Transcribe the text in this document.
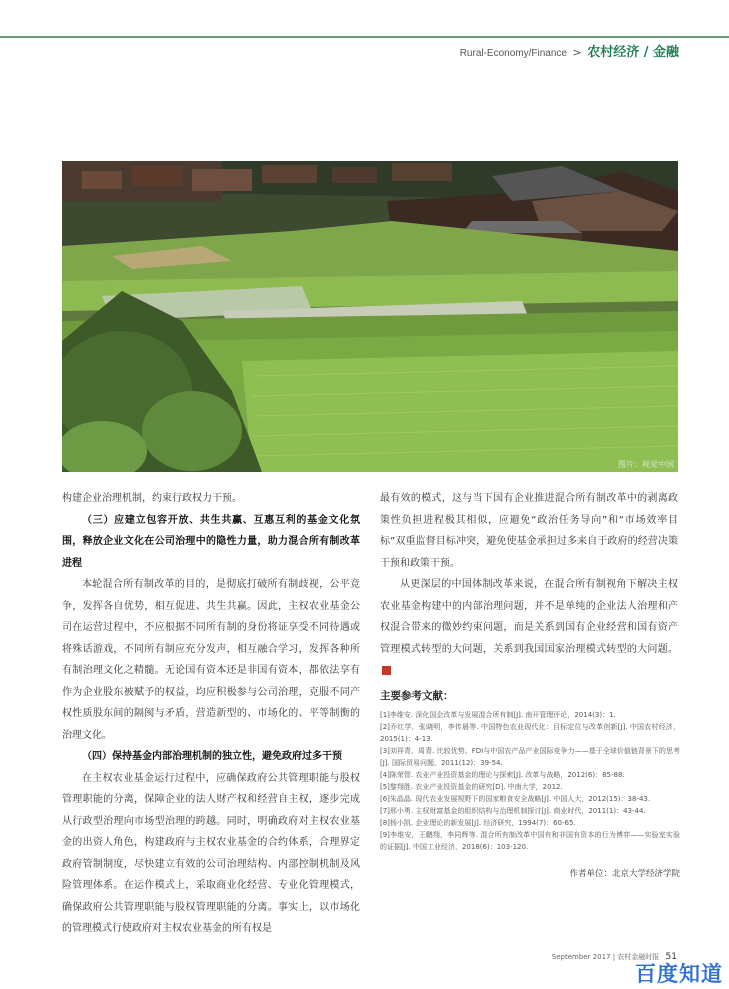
Rural-Economy/Finance > 农村经济 / 金融
图片：视觉中国

构建企业治理机制，约束行政权力干预。

（三）应建立包容开放、共生共赢、互惠互利的基金文化氛围，释放企业文化在公司治理中的隐性力量，助力混合所有制改革进程

本轮混合所有制改革的目的，是彻底打破所有制歧视，公平竞争，发挥各自优势，相互促进、共生共赢。因此，主权农业基金公司在运营过程中，不应根据不同所有制的身份将证享受不同待遇或将殊话游戏，不同所有制应充分发声，相互融合学习，发挥各种所有制治理文化之精髓。无论国有资本还是非国有资本，都依法享有作为企业股东被赋予的权益，均应积极参与公司治理，克服不同产权性质股东间的隔阂与矛盾，营造新型的、市场化的、平等制衡的治理文化。

（四）保持基金内部治理机制的独立性，避免政府过多干预

在主权农业基金运行过程中，应确保政府公共管理职能与股权管理职能的分离，保障企业的法人财产权和经营自主权，逐步完成从行政型治理向市场型治理的跨越。同时，明确政府对主权农业基金的出资人角色，构建政府与主权农业基金的合约体系，合理界定政府管制制度，尽快建立有效的公司治理结构、内部控制机制及风险管理体系。在运作模式上，采取商业化经营、专业化管理模式，确保政府公共管理职能与股权管理职能的分离。事实上，以市场化的管理模式行使政府对主权农业基金的所有权是

最有效的模式，这与当下国有企业推进混合所有制改革中的剥离政策性负担进程极其相似，应避免“政治任务导向”和“市场效率目标”双重监督目标冲突，避免使基金承担过多来自于政府的经营决策干预和政策干预。

从更深层的中国体制改革来说，在混合所有制视角下解决主权农业基金构建中的内部治理问题，并不是单纯的企业法人治理和产权混合带来的微妙约束问题，而是关系到国有企业经营和国有资产管理模式转型的大问题，关系到我国国家治理模式转型的大问题。

主要参考文献：
[1]李维安. 深化国企改革与发展混合所有制[J]. 南开管理评论，2014(3)：1.
[2]乔红学，张晓明，李传晨等. 中国特色农业现代化：目标定位与改革创新[J]. 中国农村经济，2015(1)：4-13.
[3]刘祥青，周青. 比较优势、FDI与中国农产品产业国际竞争力——基于全球价值链背景下的思考[J]. 国际贸易问题，2011(12)：39-54.
[4]陈荣智. 农业产业投资基金的理论与探索[J]. 改革与战略，2012(6)：85-88.
[5]黎翔胜. 农业产业投资基金的研究[D]. 中南大学，2012.
[6]朱晶晶. 现代农业发展视野下的国家粮食安全战略[J]. 中国人大，2012(15)：38-43.
[7]邢小勇. 主权财富基金的组织结构与治理机制探讨[J]. 商业时代，2011(1)：43-44.
[8]杨小凯. 企业理论的新发展[J]. 经济研究，1994(7)：60-65.
[9]李维安，王鹏翔，李同辉等. 混合所有制改革中国有和非国有资本的行为博弈——实验室实验的证据[J]. 中国工业经济，2018(6)：103-120.
作者单位：北京大学经济学院
September 2017 | 农村金融时报 51
百度知道
